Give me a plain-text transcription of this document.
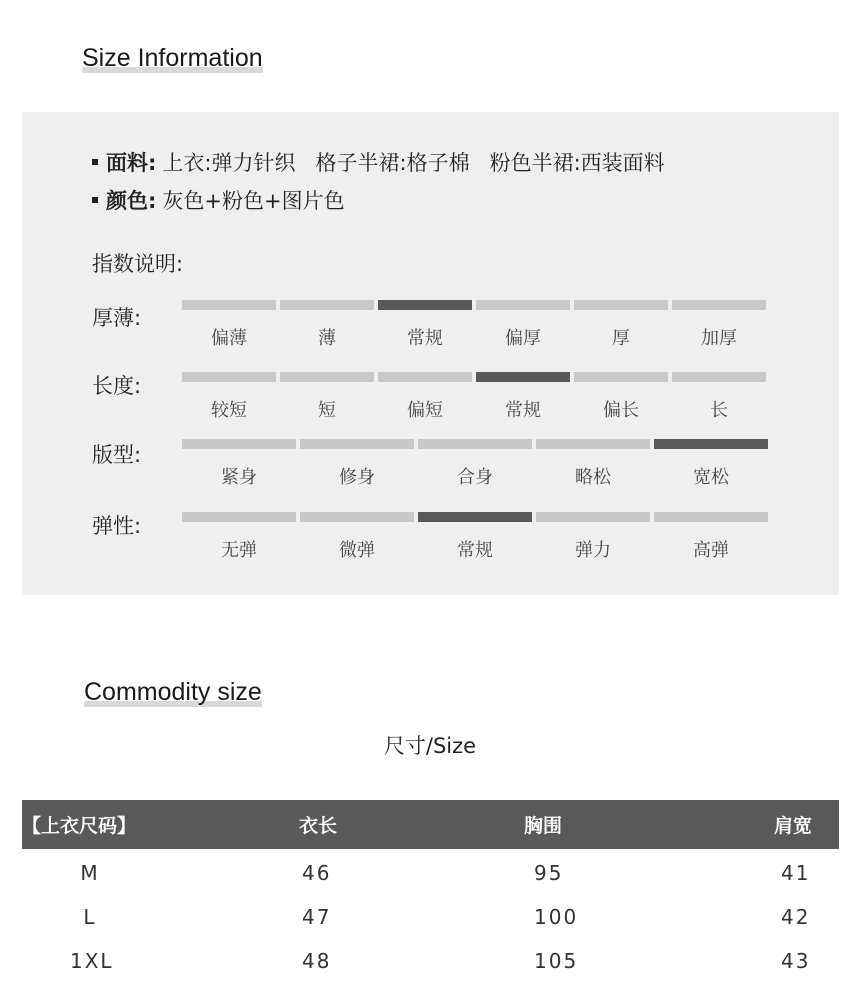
Size Information
面料: 上衣:弹力针织   格子半裙:格子棉   粉色半裙:西装面料
颜色: 灰色+粉色+图片色
指数说明:
厚薄:
偏薄	薄	常规	偏厚	厚	加厚
长度:
较短	短	偏短	常规	偏长	长
版型:
紧身	修身	合身	略松	宽松
弹性:
无弹	微弹	常规	弹力	高弹
Commodity size
尺寸/Size
【上衣尺码】	衣长	胸围	肩宽
M	46	95	41
L	47	100	42
1XL	48	105	43
